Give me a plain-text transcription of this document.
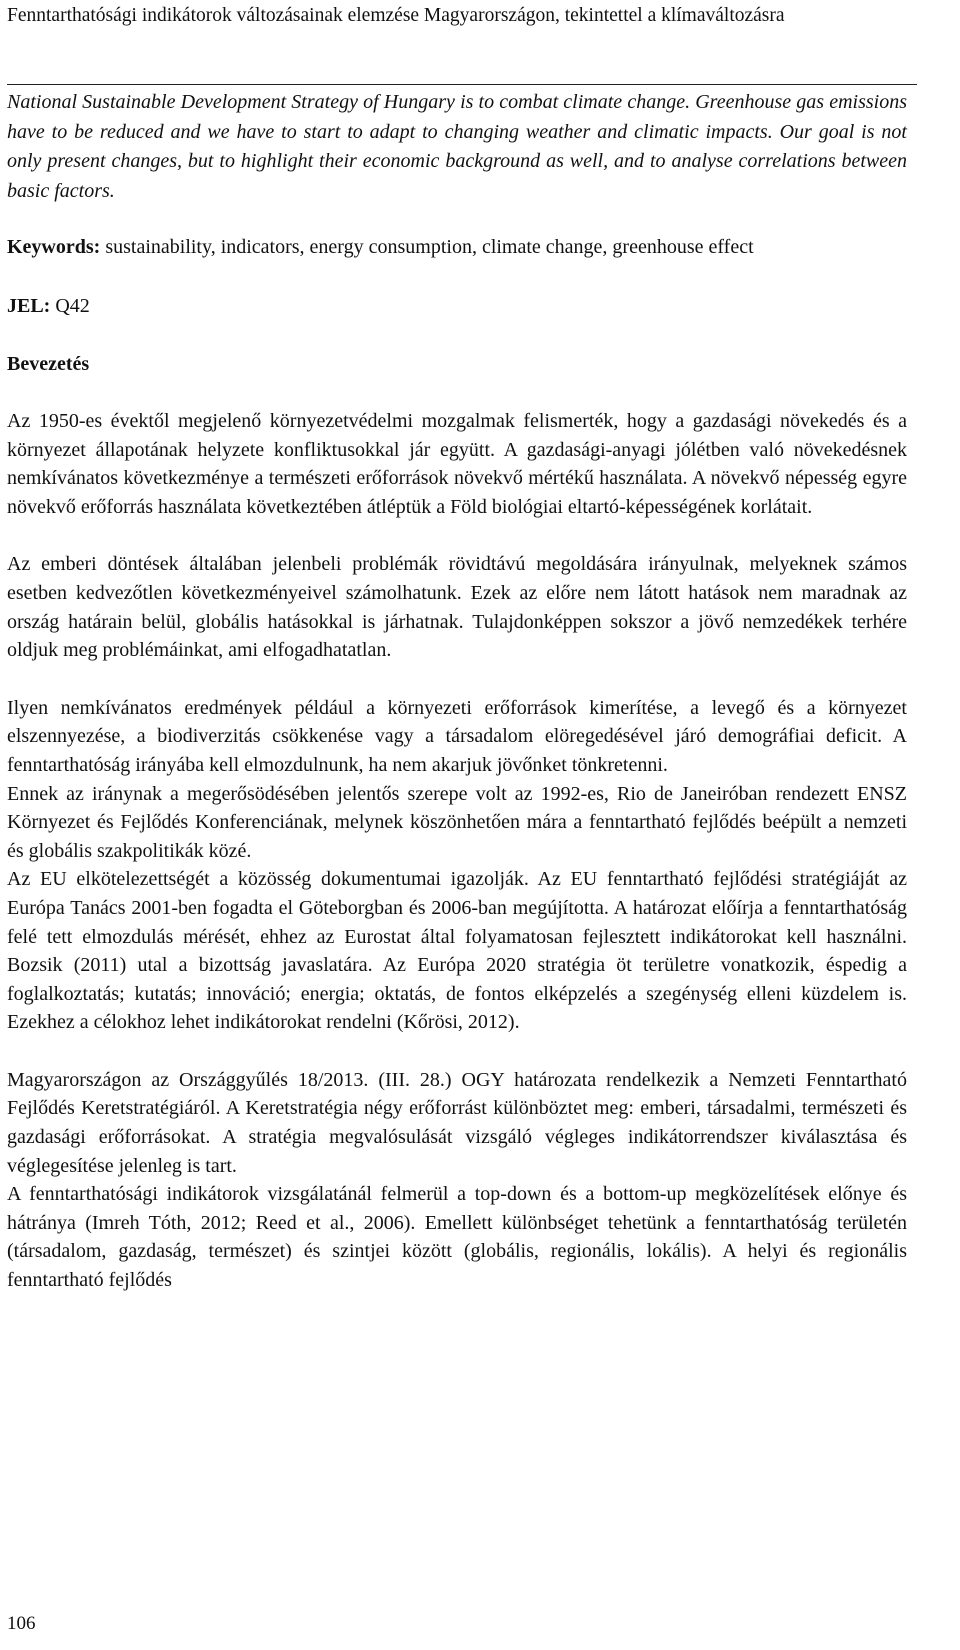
Fenntarthatósági indikátorok változásainak elemzése Magyarországon, tekintettel a klímaváltozásra
National Sustainable Development Strategy of Hungary is to combat climate change. Greenhouse gas emissions have to be reduced and we have to start to adapt to changing weather and climatic impacts. Our goal is not only present changes, but to highlight their economic background as well, and to analyse correlations between basic factors.
Keywords: sustainability, indicators, energy consumption, climate change, greenhouse effect
JEL: Q42
Bevezetés

Az 1950-es évektől megjelenő környezetvédelmi mozgalmak felismerték, hogy a gazdasági növekedés és a környezet állapotának helyzete konfliktusokkal jár együtt. A gazdasági-anyagi jólétben való növekedésnek nemkívánatos következménye a természeti erőforrások növekvő mértékű használata. A növekvő népesség egyre növekvő erőforrás használata következtében átléptük a Föld biológiai eltartó-képességének korlátait.

Az emberi döntések általában jelenbeli problémák rövidtávú megoldására irányulnak, melyeknek számos esetben kedvezőtlen következményeivel számolhatunk. Ezek az előre nem látott hatások nem maradnak az ország határain belül, globális hatásokkal is járhatnak. Tulajdonképpen sokszor a jövő nemzedékek terhére oldjuk meg problémáinkat, ami elfogadhatatlan.

Ilyen nemkívánatos eredmények például a környezeti erőforrások kimerítése, a levegő és a környezet elszennyezése, a biodiverzitás csökkenése vagy a társadalom elöregedésével járó demográfiai deficit. A fenntarthatóság irányába kell elmozdulnunk, ha nem akarjuk jövőnket tönkretenni.

Ennek az iránynak a megerősödésében jelentős szerepe volt az 1992-es, Rio de Janeiróban rendezett ENSZ Környezet és Fejlődés Konferenciának, melynek köszönhetően mára a fenntartható fejlődés beépült a nemzeti és globális szakpolitikák közé.

Az EU elkötelezettségét a közösség dokumentumai igazolják. Az EU fenntartható fejlődési stratégiáját az Európa Tanács 2001-ben fogadta el Göteborgban és 2006-ban megújította. A határozat előírja a fenntarthatóság felé tett elmozdulás mérését, ehhez az Eurostat által folyamatosan fejlesztett indikátorokat kell használni. Bozsik (2011) utal a bizottság javaslatára. Az Európa 2020 stratégia öt területre vonatkozik, éspedig a foglalkoztatás; kutatás; innováció; energia; oktatás, de fontos elképzelés a szegénység elleni küzdelem is. Ezekhez a célokhoz lehet indikátorokat rendelni (Kőrösi, 2012).

Magyarországon az Országgyűlés 18/2013. (III. 28.) OGY határozata rendelkezik a Nemzeti Fenntartható Fejlődés Keretstratégiáról. A Keretstratégia négy erőforrást különböztet meg: emberi, társadalmi, természeti és gazdasági erőforrásokat. A stratégia megvalósulását vizsgáló végleges indikátorrendszer kiválasztása és véglegesítése jelenleg is tart.

A fenntarthatósági indikátorok vizsgálatánál felmerül a top-down és a bottom-up megközelítések előnye és hátránya (Imreh Tóth, 2012; Reed et al., 2006). Emellett különbséget tehetünk a fenntarthatóság területén (társadalom, gazdaság, természet) és szintjei között (globális, regionális, lokális). A helyi és regionális fenntartható fejlődés

106
